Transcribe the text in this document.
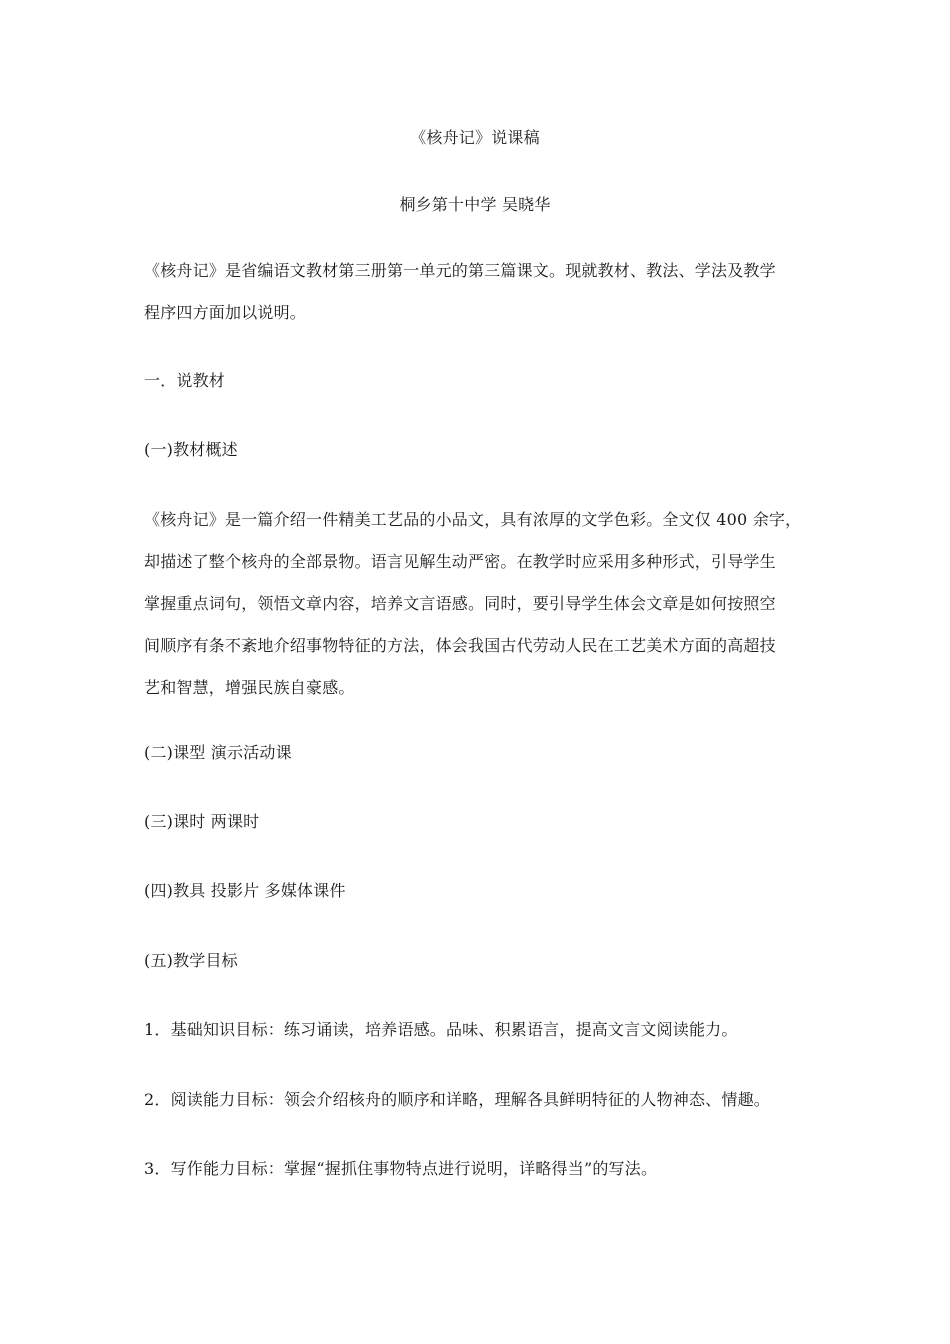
《核舟记》说课稿
桐乡第十中学 吴晓华
《核舟记》是省编语文教材第三册第一单元的第三篇课文。现就教材、教法、学法及教学
程序四方面加以说明。
一．说教材
(一)教材概述
《核舟记》是一篇介绍一件精美工艺品的小品文，具有浓厚的文学色彩。全文仅 400 余字，
却描述了整个核舟的全部景物。语言见解生动严密。在教学时应采用多种形式，引导学生
掌握重点词句，领悟文章内容，培养文言语感。同时，要引导学生体会文章是如何按照空
间顺序有条不紊地介绍事物特征的方法，体会我国古代劳动人民在工艺美术方面的高超技
艺和智慧，增强民族自豪感。
(二)课型 演示活动课
(三)课时 两课时
(四)教具 投影片 多媒体课件
(五)教学目标
1．基础知识目标：练习诵读，培养语感。品味、积累语言，提高文言文阅读能力。
2．阅读能力目标：领会介绍核舟的顺序和详略，理解各具鲜明特征的人物神态、情趣。
3．写作能力目标：掌握“握抓住事物特点进行说明，详略得当”的写法。
